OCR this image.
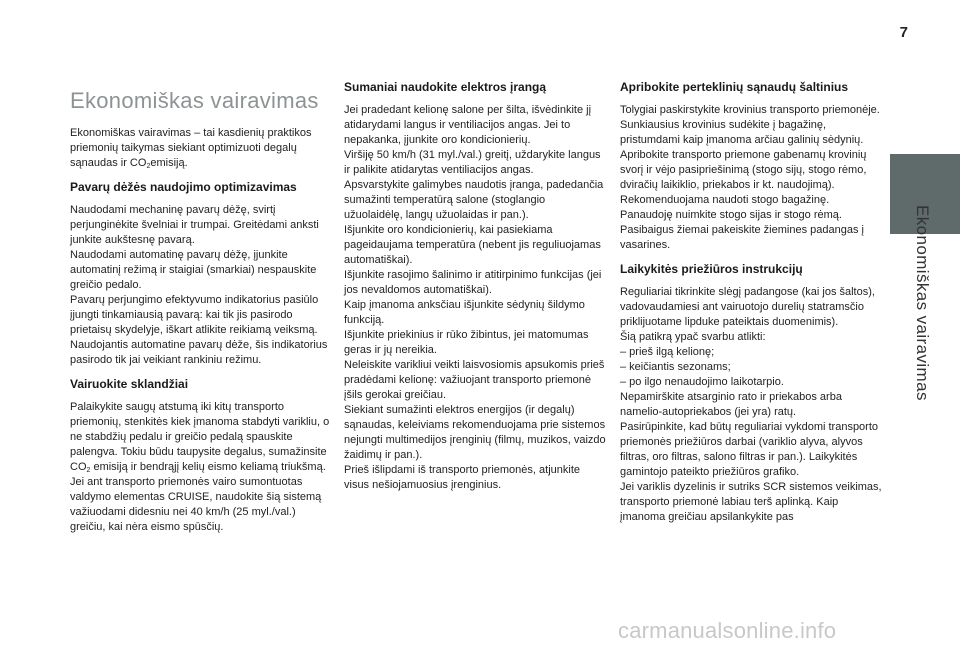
7
Ekonomiškas vairavimas
Ekonomiškas vairavimas

Ekonomiškas vairavimas – tai kasdienių praktikos priemonių taikymas siekiant optimizuoti degalų sąnaudas ir $CO_2emisiją$.

Pavarų dėžės naudojimo optimizavimas

Naudodami mechaninę pavarų dėžę, svirtį perjunginėkite švelniai ir trumpai. Greitėdami anksti junkite aukštesnę pavarą.
Naudodami automatinę pavarų dėžę, įjunkite automatinį režimą ir staigiai (smarkiai) nespauskite greičio pedalo.
Pavarų perjungimo efektyvumo indikatorius pasiūlo įjungti tinkamiausią pavarą: kai tik jis pasirodo prietaisų skydelyje, iškart atlikite reikiamą veiksmą.
Naudojantis automatine pavarų dėže, šis indikatorius pasirodo tik jai veikiant rankiniu režimu.

Vairuokite sklandžiai

Palaikykite saugų atstumą iki kitų transporto priemonių, stenkitės kiek įmanoma stabdyti varikliu, o ne stabdžių pedalu ir greičio pedalą spauskite palengva. Tokiu būdu taupysite degalus, sumažinsite $CO_2$ emisiją ir bendrąjį kelių eismo keliamą triukšmą.
Jei ant transporto priemonės vairo sumontuotas valdymo elementas CRUISE, naudokite šią sistemą važiuodami didesniu nei 40 km/h (25 myl./val.) greičiu, kai nėra eismo spūsčių.

Sumaniai naudokite elektros įrangą

Jei pradedant kelionę salone per šilta, išvėdinkite jį atidarydami langus ir ventiliacijos angas. Jei to nepakanka, įjunkite oro kondicionierių.
Viršiję 50 km/h (31 myl./val.) greitį, uždarykite langus ir palikite atidarytas ventiliacijos angas.
Apsvarstykite galimybes naudotis įranga, padedančia sumažinti temperatūrą salone (stoglangio užuolaidėlę, langų užuolaidas ir pan.).
Išjunkite oro kondicionierių, kai pasiekiama pageidaujama temperatūra (nebent jis reguliuojamas automatiškai).
Išjunkite rasojimo šalinimo ir atitirpinimo funkcijas (jei jos nevaldomos automatiškai).
Kaip įmanoma anksčiau išjunkite sėdynių šildymo funkciją.
Išjunkite priekinius ir rūko žibintus, jei matomumas geras ir jų nereikia.
Neleiskite varikliui veikti laisvosiomis apsukomis prieš pradėdami kelionę: važiuojant transporto priemonė įšils gerokai greičiau.
Siekiant sumažinti elektros energijos (ir degalų) sąnaudas, keleiviams rekomenduojama prie sistemos nejungti multimedijos įrenginių (filmų, muzikos, vaizdo žaidimų ir pan.).
Prieš išlipdami iš transporto priemonės, atjunkite visus nešiojamuosius įrenginius.

Apribokite perteklinių sąnaudų šaltinius

Tolygiai paskirstykite krovinius transporto priemonėje. Sunkiausius krovinius sudėkite į bagažinę, pristumdami kaip įmanoma arčiau galinių sėdynių.
Apribokite transporto priemone gabenamų krovinių svorį ir vėjo pasipriešinimą (stogo sijų, stogo rėmo, dviračių laikiklio, priekabos ir kt. naudojimą). Rekomenduojama naudoti stogo bagažinę.
Panaudoję nuimkite stogo sijas ir stogo rėmą.
Pasibaigus žiemai pakeiskite žiemines padangas į vasarines.

Laikykitės priežiūros instrukcijų

Reguliariai tikrinkite slėgį padangose (kai jos šaltos), vadovaudamiesi ant vairuotojo durelių statramsčio priklijuotame lipduke pateiktais duomenimis).
Šią patikrą ypač svarbu atlikti:
– prieš ilgą kelionę;
– keičiantis sezonams;
– po ilgo nenaudojimo laikotarpio.
Nepamirškite atsarginio rato ir priekabos arba namelio-autopriekabos (jei yra) ratų.
Pasirūpinkite, kad būtų reguliariai vykdomi transporto priemonės priežiūros darbai (variklio alyva, alyvos filtras, oro filtras, salono filtras ir pan.). Laikykitės gamintojo pateikto priežiūros grafiko.
Jei variklis dyzelinis ir sutriks SCR sistemos veikimas, transporto priemonė labiau terš aplinką. Kaip įmanoma greičiau apsilankykite pas

carmanualsonline.info
